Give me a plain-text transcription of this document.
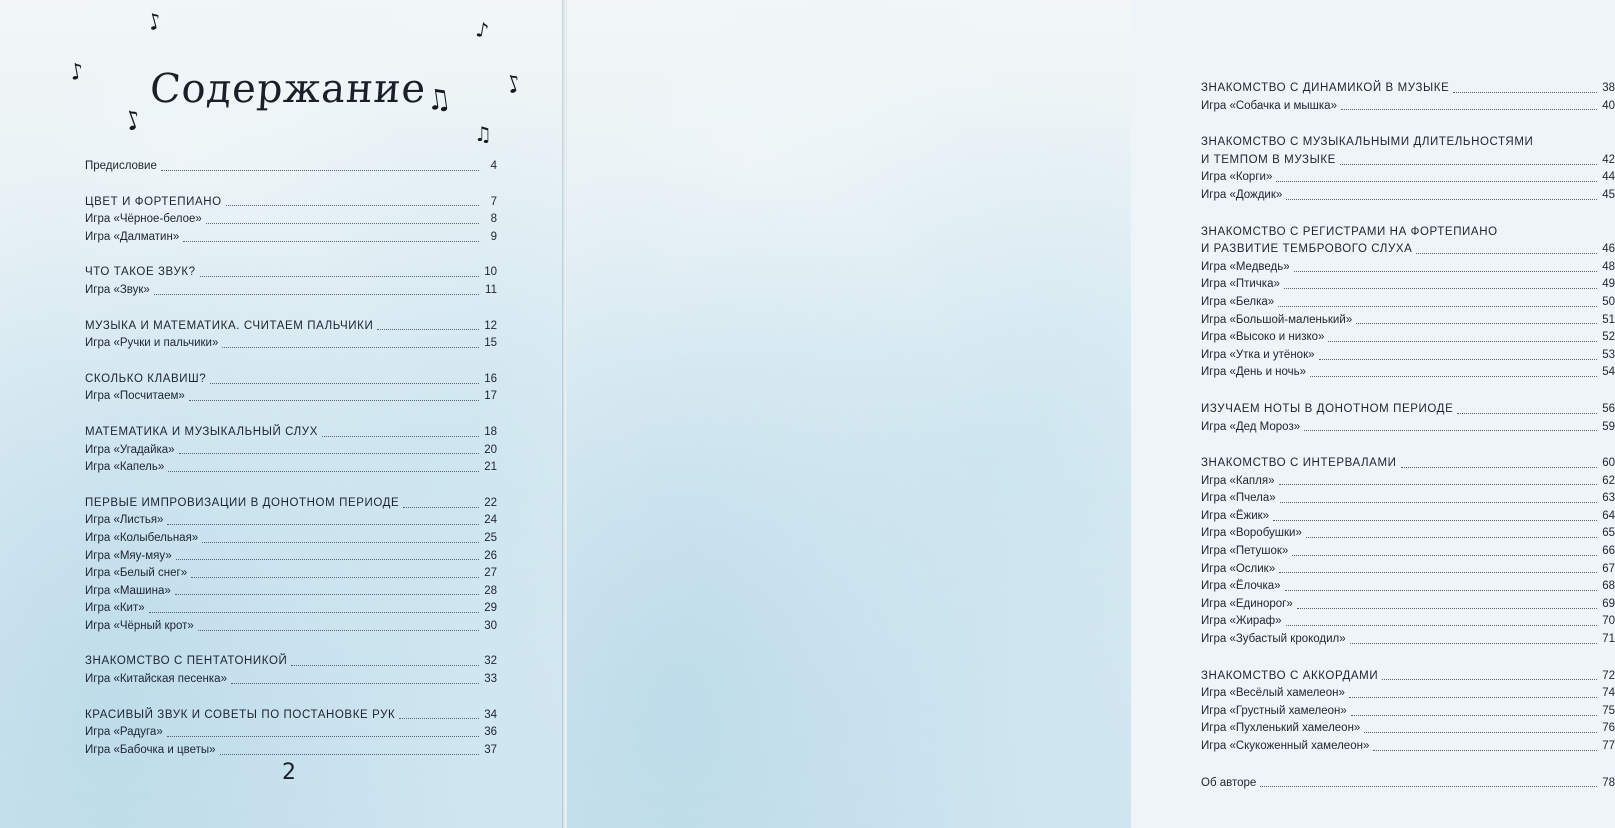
Содержание
♪	♪
♪
♪
♫ ♪
♫
Предисловие	4
ЦВЕТ И ФОРТЕПИАНО	7
Игра «Чёрное-белое»	8
Игра «Далматин»	9
ЧТО ТАКОЕ ЗВУК?	10
Игра «Звук»	11
МУЗЫКА И МАТЕМАТИКА. СЧИТАЕМ ПАЛЬЧИКИ	12
Игра «Ручки и пальчики»	15
СКОЛЬКО КЛАВИШ?	16
Игра «Посчитаем»	17
МАТЕМАТИКА И МУЗЫКАЛЬНЫЙ СЛУХ	18
Игра «Угадайка»	20
Игра «Капель»	21
ПЕРВЫЕ ИМПРОВИЗАЦИИ В ДОНОТНОМ ПЕРИОДЕ	22
Игра «Листья»	24
Игра «Колыбельная»	25
Игра «Мяу-мяу»	26
Игра «Белый снег»	27
Игра «Машина»	28
Игра «Кит»	29
Игра «Чёрный крот»	30
ЗНАКОМСТВО С ПЕНТАТОНИКОЙ	32
Игра «Китайская песенка»	33
КРАСИВЫЙ ЗВУК И СОВЕТЫ ПО ПОСТАНОВКЕ РУК	34
Игра «Радуга»	36
Игра «Бабочка и цветы»	37
2
ЗНАКОМСТВО С ДИНАМИКОЙ В МУЗЫКЕ	38
Игра «Собачка и мышка»	40
ЗНАКОМСТВО С МУЗЫКАЛЬНЫМИ ДЛИТЕЛЬНОСТЯМИ
И ТЕМПОМ В МУЗЫКЕ	42
Игра «Корги»	44
Игра «Дождик»	45
ЗНАКОМСТВО С РЕГИСТРАМИ НА ФОРТЕПИАНО
И РАЗВИТИЕ ТЕМБРОВОГО СЛУХА	46
Игра «Медведь»	48
Игра «Птичка»	49
Игра «Белка»	50
Игра «Большой-маленький»	51
Игра «Высоко и низко»	52
Игра «Утка и утёнок»	53
Игра «День и ночь»	54
ИЗУЧАЕМ НОТЫ В ДОНОТНОМ ПЕРИОДЕ	56
Игра «Дед Мороз»	59
ЗНАКОМСТВО С ИНТЕРВАЛАМИ	60
Игра «Капля»	62
Игра «Пчела»	63
Игра «Ёжик»	64
Игра «Воробушки»	65
Игра «Петушок»	66
Игра «Ослик»	67
Игра «Ёлочка»	68
Игра «Единорог»	69
Игра «Жираф»	70
Игра «Зубастый крокодил»	71
ЗНАКОМСТВО С АККОРДАМИ	72
Игра «Весёлый хамелеон»	74
Игра «Грустный хамелеон»	75
Игра «Пухленький хамелеон»	76
Игра «Скукоженный хамелеон»	77
Об авторе	78
